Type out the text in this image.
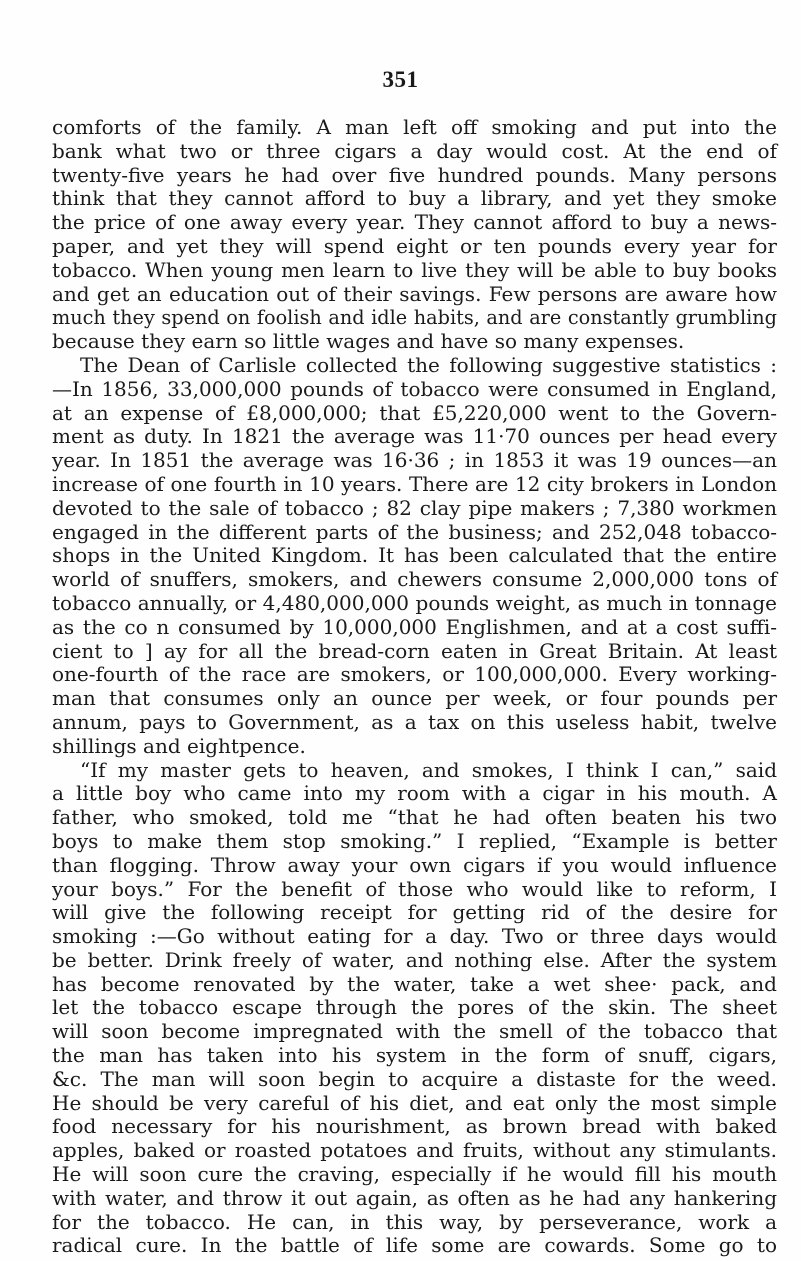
351
comforts of the family. A man left off smoking and put into the
bank what two or three cigars a day would cost. At the end of
twenty-five years he had over five hundred pounds. Many persons
think that they cannot afford to buy a library, and yet they smoke
the price of one away every year. They cannot afford to buy a news-
paper, and yet they will spend eight or ten pounds every year for
tobacco. When young men learn to live they will be able to buy books
and get an education out of their savings. Few persons are aware how
much they spend on foolish and idle habits, and are constantly grumbling
because they earn so little wages and have so many expenses.
The Dean of Carlisle collected the following suggestive statistics :
—In 1856, 33,000,000 pounds of tobacco were consumed in England,
at an expense of £8,000,000; that £5,220,000 went to the Govern-
ment as duty. In 1821 the average was 11·70 ounces per head every
year. In 1851 the average was 16·36 ; in 1853 it was 19 ounces—an
increase of one fourth in 10 years. There are 12 city brokers in London
devoted to the sale of tobacco ; 82 clay pipe makers ; 7,380 workmen
engaged in the different parts of the business; and 252,048 tobacco-
shops in the United Kingdom. It has been calculated that the entire
world of snuffers, smokers, and chewers consume 2,000,000 tons of
tobacco annually, or 4,480,000,000 pounds weight, as much in tonnage
as the co n consumed by 10,000,000 Englishmen, and at a cost suffi-
cient to ] ay for all the bread-corn eaten in Great Britain. At least
one-fourth of the race are smokers, or 100,000,000. Every working-
man that consumes only an ounce per week, or four pounds per
annum, pays to Government, as a tax on this useless habit, twelve
shillings and eightpence.
“If my master gets to heaven, and smokes, I think I can,” said
a little boy who came into my room with a cigar in his mouth. A
father, who smoked, told me “that he had often beaten his two
boys to make them stop smoking.” I replied, “Example is better
than flogging. Throw away your own cigars if you would influence
your boys.” For the benefit of those who would like to reform, I
will give the following receipt for getting rid of the desire for
smoking :—Go without eating for a day. Two or three days would
be better. Drink freely of water, and nothing else. After the system
has become renovated by the water, take a wet shee· pack, and
let the tobacco escape through the pores of the skin. The sheet
will soon become impregnated with the smell of the tobacco that
the man has taken into his system in the form of snuff, cigars,
&c. The man will soon begin to acquire a distaste for the weed.
He should be very careful of his diet, and eat only the most simple
food necessary for his nourishment, as brown bread with baked
apples, baked or roasted potatoes and fruits, without any stimulants.
He will soon cure the craving, especially if he would fill his mouth
with water, and throw it out again, as often as he had any hankering
for the tobacco. He can, in this way, by perseverance, work a
radical cure. In the battle of life some are cowards. Some go to
